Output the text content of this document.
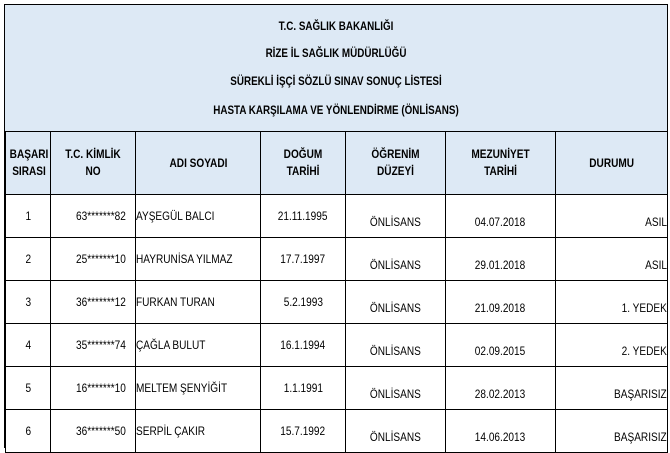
T.C. SAĞLIK BAKANLIĞI
RİZE İL SAĞLIK MÜDÜRLÜĞÜ
SÜREKLİ İŞÇİ SÖZLÜ SINAV SONUÇ LİSTESİ
HASTA KARŞILAMA VE YÖNLENDİRME (ÖNLİSANS)
BAŞARI
SIRASI	T.C. KİMLİK NO	ADI SOYADI	DOĞUM TARİHİ	ÖĞRENİM DÜZEYİ	MEZUNİYET TARİHİ	DURUMU
1	63*******82	AYŞEGÜL BALCI	21.11.1995	ÖNLİSANS	04.07.2018	ASIL
2	25*******10	HAYRUNİSA YILMAZ	17.7.1997	ÖNLİSANS	29.01.2018	ASIL
3	36*******12	FURKAN TURAN	5.2.1993	ÖNLİSANS	21.09.2018	1. YEDEK
4	35*******74	ÇAĞLA BULUT	16.1.1994	ÖNLİSANS	02.09.2015	2. YEDEK
5	16*******10	MELTEM ŞENYİĞİT	1.1.1991	ÖNLİSANS	28.02.2013	BAŞARISIZ
6	36*******50	SERPİL ÇAKIR	15.7.1992	ÖNLİSANS	14.06.2013	BAŞARISIZ
